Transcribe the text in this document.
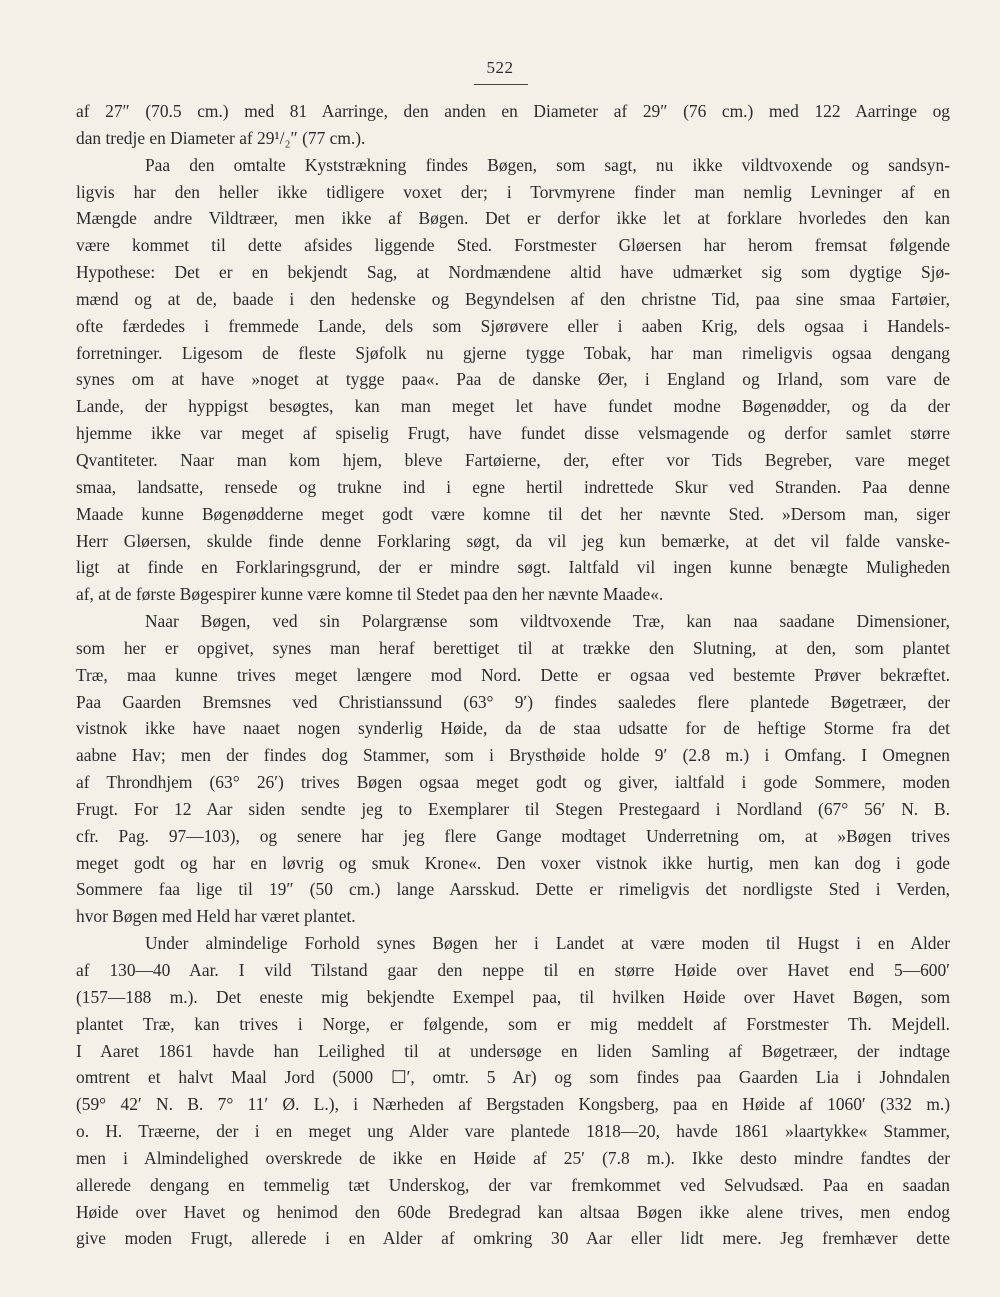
522
af 27″ (70.5 cm.) med 81 Aarringe, den anden en Diameter af 29″ (76 cm.) med 122 Aarringe og
dan tredje en Diameter af 29¹/₂″ (77 cm.).
Paa den omtalte Kyststrækning findes Bøgen, som sagt, nu ikke vildtvoxende og sandsyn-
ligvis har den heller ikke tidligere voxet der; i Torvmyrene finder man nemlig Levninger af en
Mængde andre Vildtræer, men ikke af Bøgen. Det er derfor ikke let at forklare hvorledes den kan
være kommet til dette afsides liggende Sted. Forstmester Gløersen har herom fremsat følgende
Hypothese: Det er en bekjendt Sag, at Nordmændene altid have udmærket sig som dygtige Sjø-
mænd og at de, baade i den hedenske og Begyndelsen af den christne Tid, paa sine smaa Fartøier,
ofte færdedes i fremmede Lande, dels som Sjørøvere eller i aaben Krig, dels ogsaa i Handels-
forretninger. Ligesom de fleste Sjøfolk nu gjerne tygge Tobak, har man rimeligvis ogsaa dengang
synes om at have »noget at tygge paa«. Paa de danske Øer, i England og Irland, som vare de
Lande, der hyppigst besøgtes, kan man meget let have fundet modne Bøgenødder, og da der
hjemme ikke var meget af spiselig Frugt, have fundet disse velsmagende og derfor samlet større
Qvantiteter. Naar man kom hjem, bleve Fartøierne, der, efter vor Tids Begreber, vare meget
smaa, landsatte, rensede og trukne ind i egne hertil indrettede Skur ved Stranden. Paa denne
Maade kunne Bøgenødderne meget godt være komne til det her nævnte Sted. »Dersom man, siger
Herr Gløersen, skulde finde denne Forklaring søgt, da vil jeg kun bemærke, at det vil falde vanske-
ligt at finde en Forklaringsgrund, der er mindre søgt. Ialtfald vil ingen kunne benægte Muligheden
af, at de første Bøgespirer kunne være komne til Stedet paa den her nævnte Maade«.
Naar Bøgen, ved sin Polargrænse som vildtvoxende Træ, kan naa saadane Dimensioner,
som her er opgivet, synes man heraf berettiget til at trække den Slutning, at den, som plantet
Træ, maa kunne trives meget længere mod Nord. Dette er ogsaa ved bestemte Prøver bekræftet.
Paa Gaarden Bremsnes ved Christianssund (63° 9′) findes saaledes flere plantede Bøgetræer, der
vistnok ikke have naaet nogen synderlig Høide, da de staa udsatte for de heftige Storme fra det
aabne Hav; men der findes dog Stammer, som i Brysthøide holde 9′ (2.8 m.) i Omfang. I Omegnen
af Throndhjem (63° 26′) trives Bøgen ogsaa meget godt og giver, ialtfald i gode Sommere, moden
Frugt. For 12 Aar siden sendte jeg to Exemplarer til Stegen Prestegaard i Nordland (67° 56′ N. B.
cfr. Pag. 97—103), og senere har jeg flere Gange modtaget Underretning om, at »Bøgen trives
meget godt og har en løvrig og smuk Krone«. Den voxer vistnok ikke hurtig, men kan dog i gode
Sommere faa lige til 19″ (50 cm.) lange Aarsskud. Dette er rimeligvis det nordligste Sted i Verden,
hvor Bøgen med Held har været plantet.
Under almindelige Forhold synes Bøgen her i Landet at være moden til Hugst i en Alder
af 130—40 Aar. I vild Tilstand gaar den neppe til en større Høide over Havet end 5—600′
(157—188 m.). Det eneste mig bekjendte Exempel paa, til hvilken Høide over Havet Bøgen, som
plantet Træ, kan trives i Norge, er følgende, som er mig meddelt af Forstmester Th. Mejdell.
I Aaret 1861 havde han Leilighed til at undersøge en liden Samling af Bøgetræer, der indtage
omtrent et halvt Maal Jord (5000 ☐′, omtr. 5 Ar) og som findes paa Gaarden Lia i Johndalen
(59° 42′ N. B. 7° 11′ Ø. L.), i Nærheden af Bergstaden Kongsberg, paa en Høide af 1060′ (332 m.)
o. H. Træerne, der i en meget ung Alder vare plantede 1818—20, havde 1861 »laartykke« Stammer,
men i Almindelighed overskrede de ikke en Høide af 25′ (7.8 m.). Ikke desto mindre fandtes der
allerede dengang en temmelig tæt Underskog, der var fremkommet ved Selvudsæd. Paa en saadan
Høide over Havet og henimod den 60de Bredegrad kan altsaa Bøgen ikke alene trives, men endog
give moden Frugt, allerede i en Alder af omkring 30 Aar eller lidt mere. Jeg fremhæver dette
